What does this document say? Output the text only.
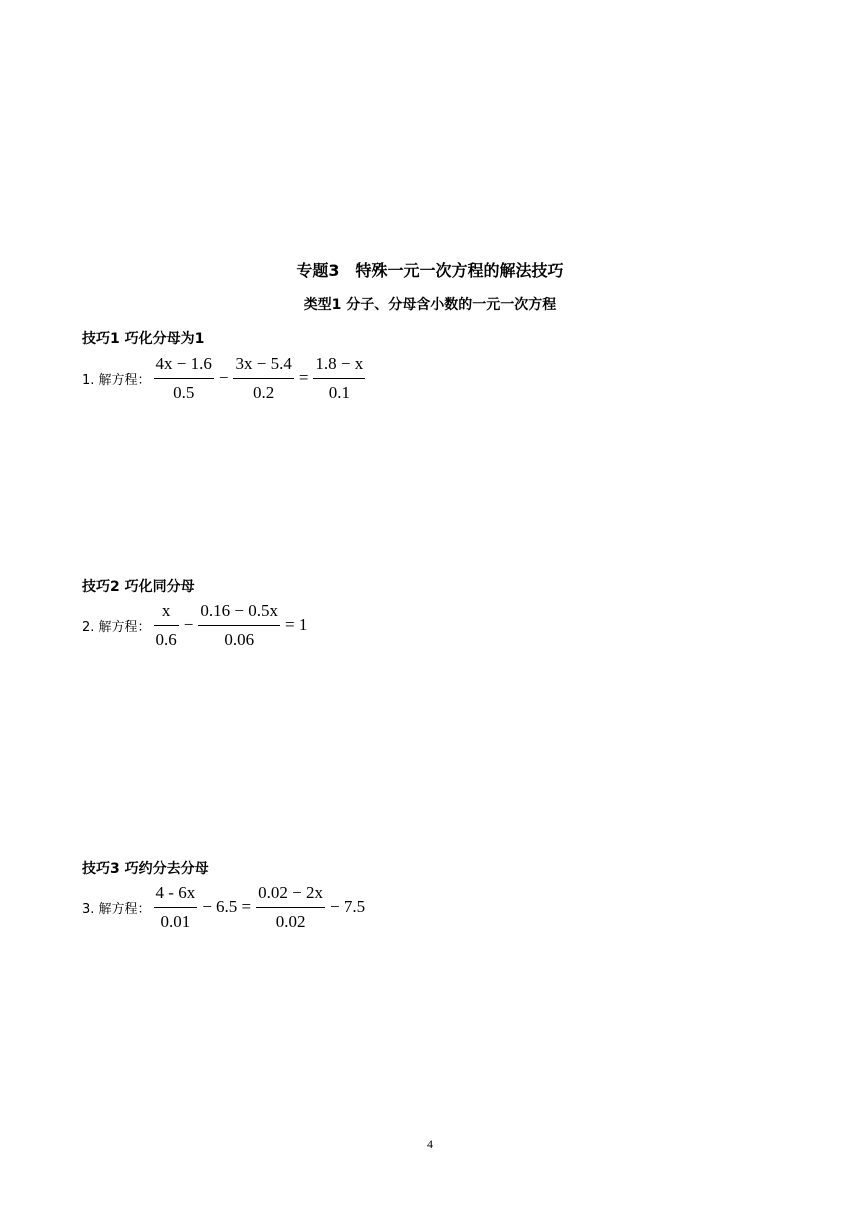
专题3　特殊一元一次方程的解法技巧
类型1 分子、分母含小数的一元一次方程
技巧1 巧化分母为1
1. 解方程： $\frac{4x - 1.6}{0.5} - \frac{3x - 5.4}{0.2} = \frac{1.8 - x}{0.1}$
技巧2 巧化同分母
2. 解方程： $\frac{x}{0.6} - \frac{0.16 - 0.5x}{0.06} = 1$
技巧3 巧约分去分母
3. 解方程： $\frac{4 - 6x}{0.01} - 6.5 = \frac{0.02 - 2x}{0.02} - 7.5$
4
